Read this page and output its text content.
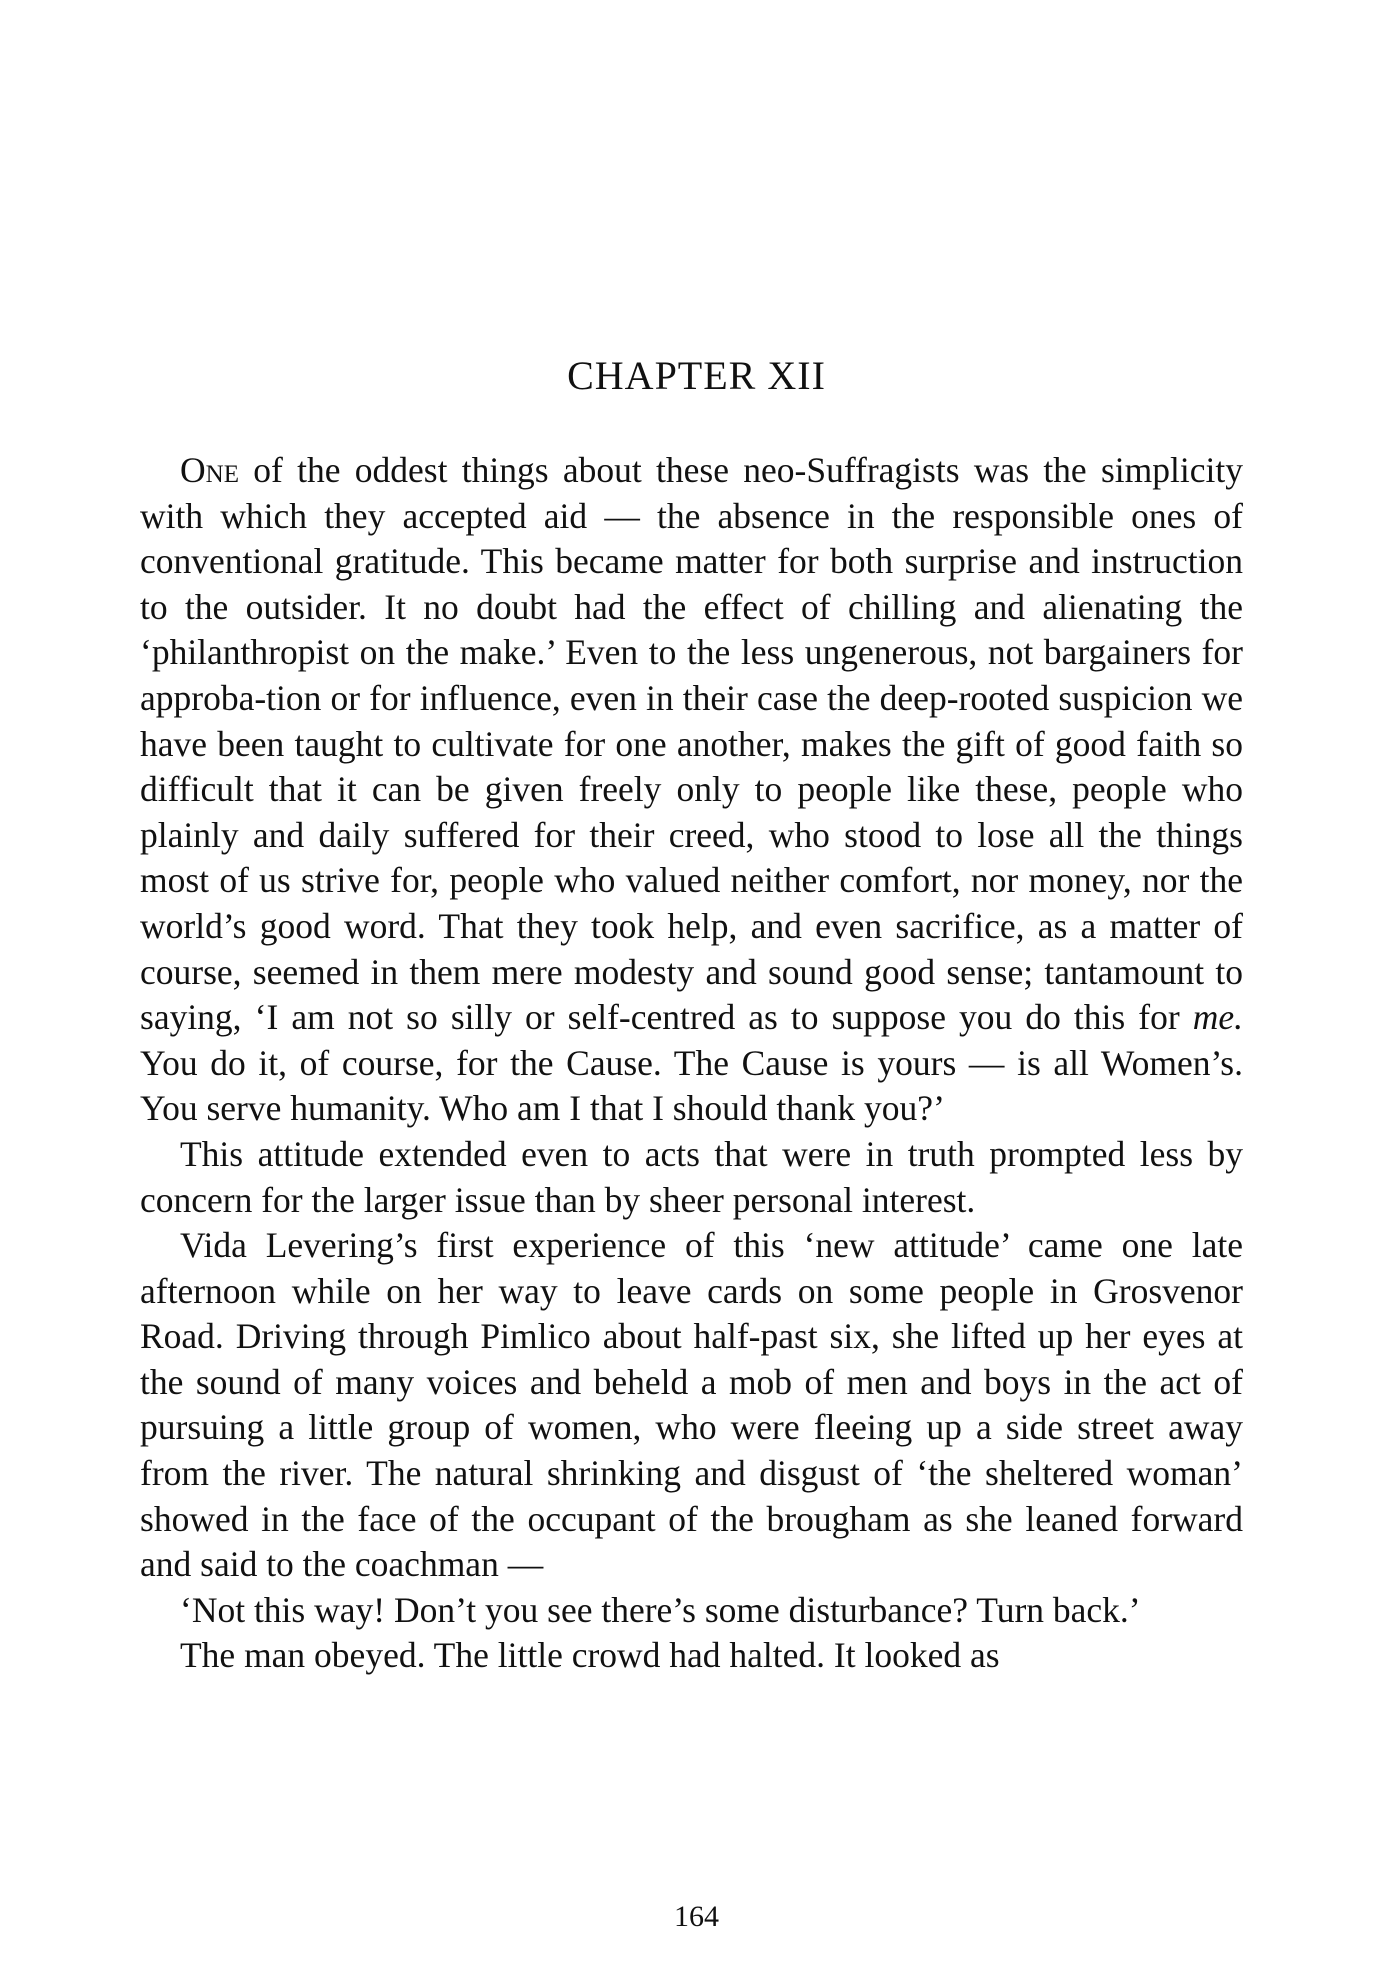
CHAPTER XII

One of the oddest things about these neo-Suffragists was the simplicity with which they accepted aid — the absence in the responsible ones of conventional gratitude. This became matter for both surprise and instruction to the outsider. It no doubt had the effect of chilling and alienating the ‘philanthropist on the make.’ Even to the less ungenerous, not bargainers for approba-tion or for influence, even in their case the deep-rooted suspicion we have been taught to cultivate for one another, makes the gift of good faith so difficult that it can be given freely only to people like these, people who plainly and daily suffered for their creed, who stood to lose all the things most of us strive for, people who valued neither comfort, nor money, nor the world’s good word. That they took help, and even sacrifice, as a matter of course, seemed in them mere modesty and sound good sense; tantamount to saying, ‘I am not so silly or self-centred as to suppose you do this for me. You do it, of course, for the Cause. The Cause is yours — is all Women’s. You serve humanity. Who am I that I should thank you?’

This attitude extended even to acts that were in truth prompted less by concern for the larger issue than by sheer personal interest.

Vida Levering’s first experience of this ‘new attitude’ came one late afternoon while on her way to leave cards on some people in Grosvenor Road. Driving through Pimlico about half-past six, she lifted up her eyes at the sound of many voices and beheld a mob of men and boys in the act of pursuing a little group of women, who were fleeing up a side street away from the river. The natural shrinking and disgust of ‘the sheltered woman’ showed in the face of the occupant of the brougham as she leaned forward and said to the coachman —

‘Not this way! Don’t you see there’s some disturbance? Turn back.’

The man obeyed. The little crowd had halted. It looked as

164
